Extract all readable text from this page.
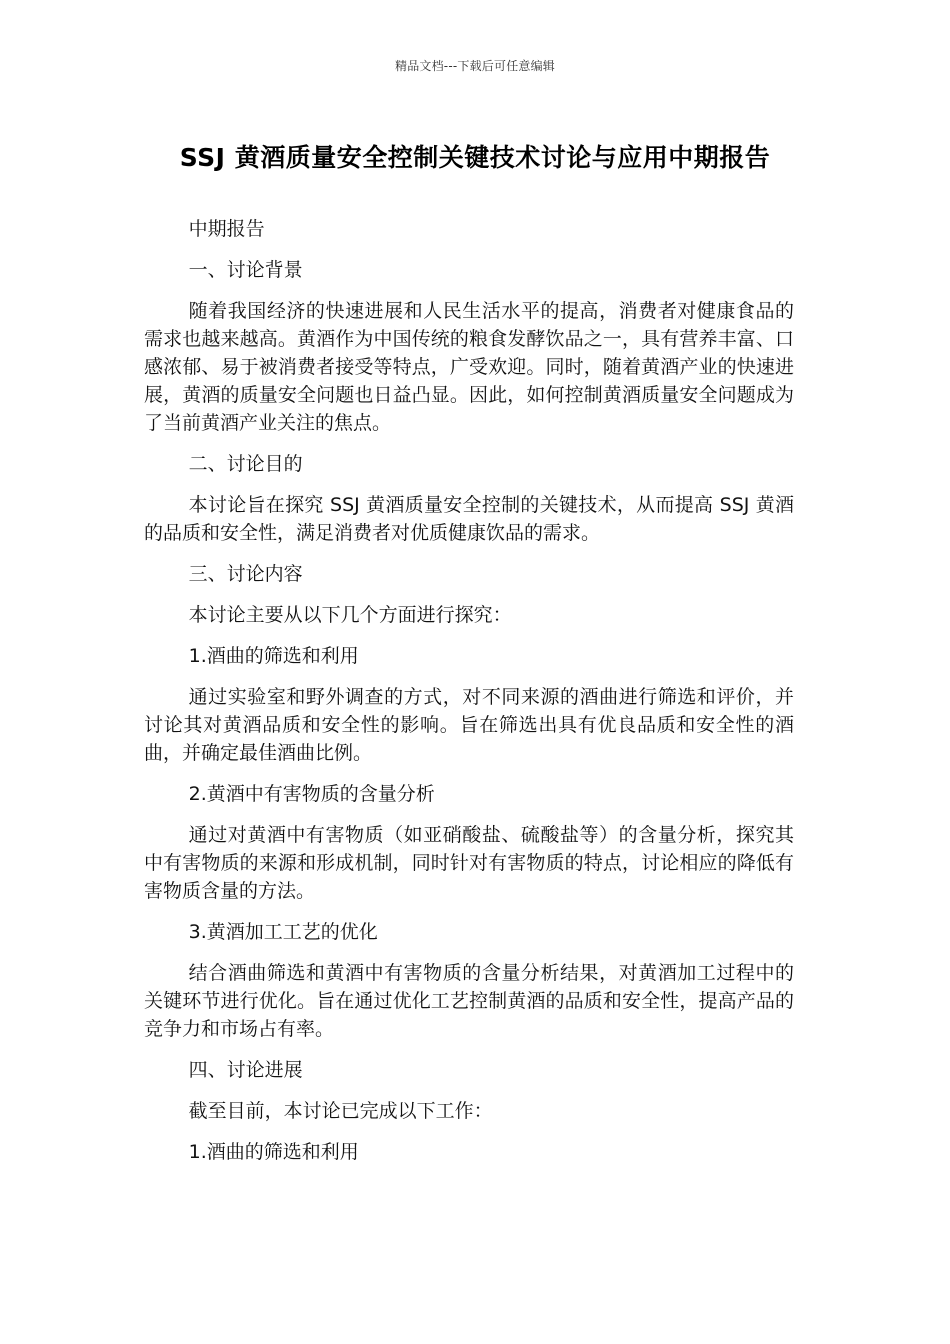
精品文档---下载后可任意编辑
SSJ 黄酒质量安全控制关键技术讨论与应用中期报告

中期报告

一、讨论背景

随着我国经济的快速进展和人民生活水平的提高，消费者对健康食品的需求也越来越高。黄酒作为中国传统的粮食发酵饮品之一，具有营养丰富、口感浓郁、易于被消费者接受等特点，广受欢迎。同时，随着黄酒产业的快速进展，黄酒的质量安全问题也日益凸显。因此，如何控制黄酒质量安全问题成为了当前黄酒产业关注的焦点。

二、讨论目的

本讨论旨在探究 SSJ 黄酒质量安全控制的关键技术，从而提高 SSJ 黄酒的品质和安全性，满足消费者对优质健康饮品的需求。

三、讨论内容

本讨论主要从以下几个方面进行探究：

1.酒曲的筛选和利用

通过实验室和野外调查的方式，对不同来源的酒曲进行筛选和评价，并讨论其对黄酒品质和安全性的影响。旨在筛选出具有优良品质和安全性的酒曲，并确定最佳酒曲比例。

2.黄酒中有害物质的含量分析

通过对黄酒中有害物质（如亚硝酸盐、硫酸盐等）的含量分析，探究其中有害物质的来源和形成机制，同时针对有害物质的特点，讨论相应的降低有害物质含量的方法。

3.黄酒加工工艺的优化

结合酒曲筛选和黄酒中有害物质的含量分析结果，对黄酒加工过程中的关键环节进行优化。旨在通过优化工艺控制黄酒的品质和安全性，提高产品的竞争力和市场占有率。

四、讨论进展

截至目前，本讨论已完成以下工作：

1.酒曲的筛选和利用
